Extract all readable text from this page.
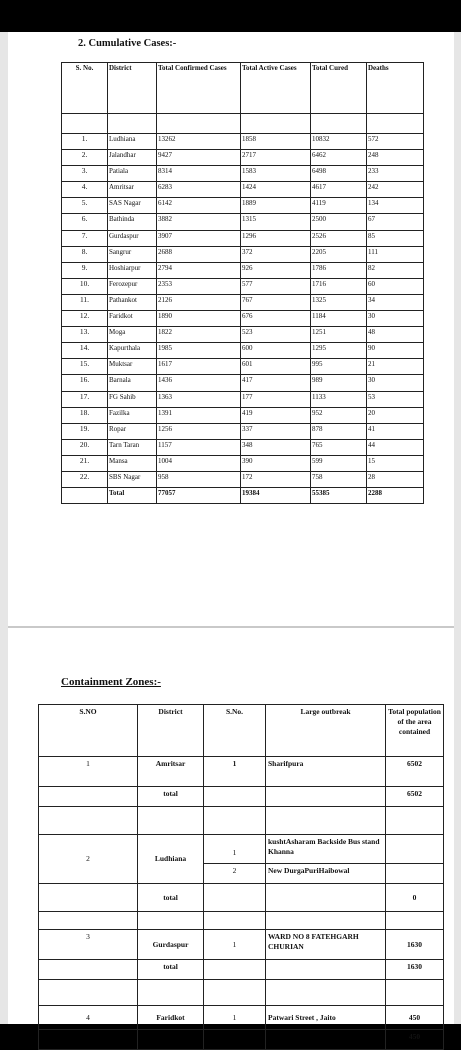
2. Cumulative Cases:-
S. No.	District	Total Confirmed Cases	Total Active Cases	Total Cured	Deaths

1.	Ludhiana	13262	1858	10832	572
2.	Jalandhar	9427	2717	6462	248
3.	Patiala	8314	1583	6498	233
4.	Amritsar	6283	1424	4617	242
5.	SAS Nagar	6142	1889	4119	134
6.	Bathinda	3882	1315	2500	67
7.	Gurdaspur	3907	1296	2526	85
8.	Sangrur	2688	372	2205	111
9.	Hoshiarpur	2794	926	1786	82
10.	Ferozepur	2353	577	1716	60
11.	Pathankot	2126	767	1325	34
12.	Faridkot	1890	676	1184	30
13.	Moga	1822	523	1251	48
14.	Kapurthala	1985	600	1295	90
15.	Muktsar	1617	601	995	21
16.	Barnala	1436	417	989	30
17.	FG Sahib	1363	177	1133	53
18.	Fazilka	1391	419	952	20
19.	Ropar	1256	337	878	41
20.	Tarn Taran	1157	348	765	44
21.	Mansa	1004	390	599	15
22.	SBS Nagar	958	172	758	28
	Total	77057	19384	55385	2288
Containment Zones:-
S.NO	District	S.No.	Large outbreak	Total population of the area contained
1	Amritsar	1	Sharifpura	6502
	total			6502

2	Ludhiana	1	kushtAsharam Backside Bus stand Khanna	
		2	New DurgaPuriHaibowal	
	total			0

3	Gurdaspur	1	WARD NO 8 FATEHGARH CHURIAN	1630
	total			1630

4	Faridkot	1	Patwari Street , Jaito	450
				450
